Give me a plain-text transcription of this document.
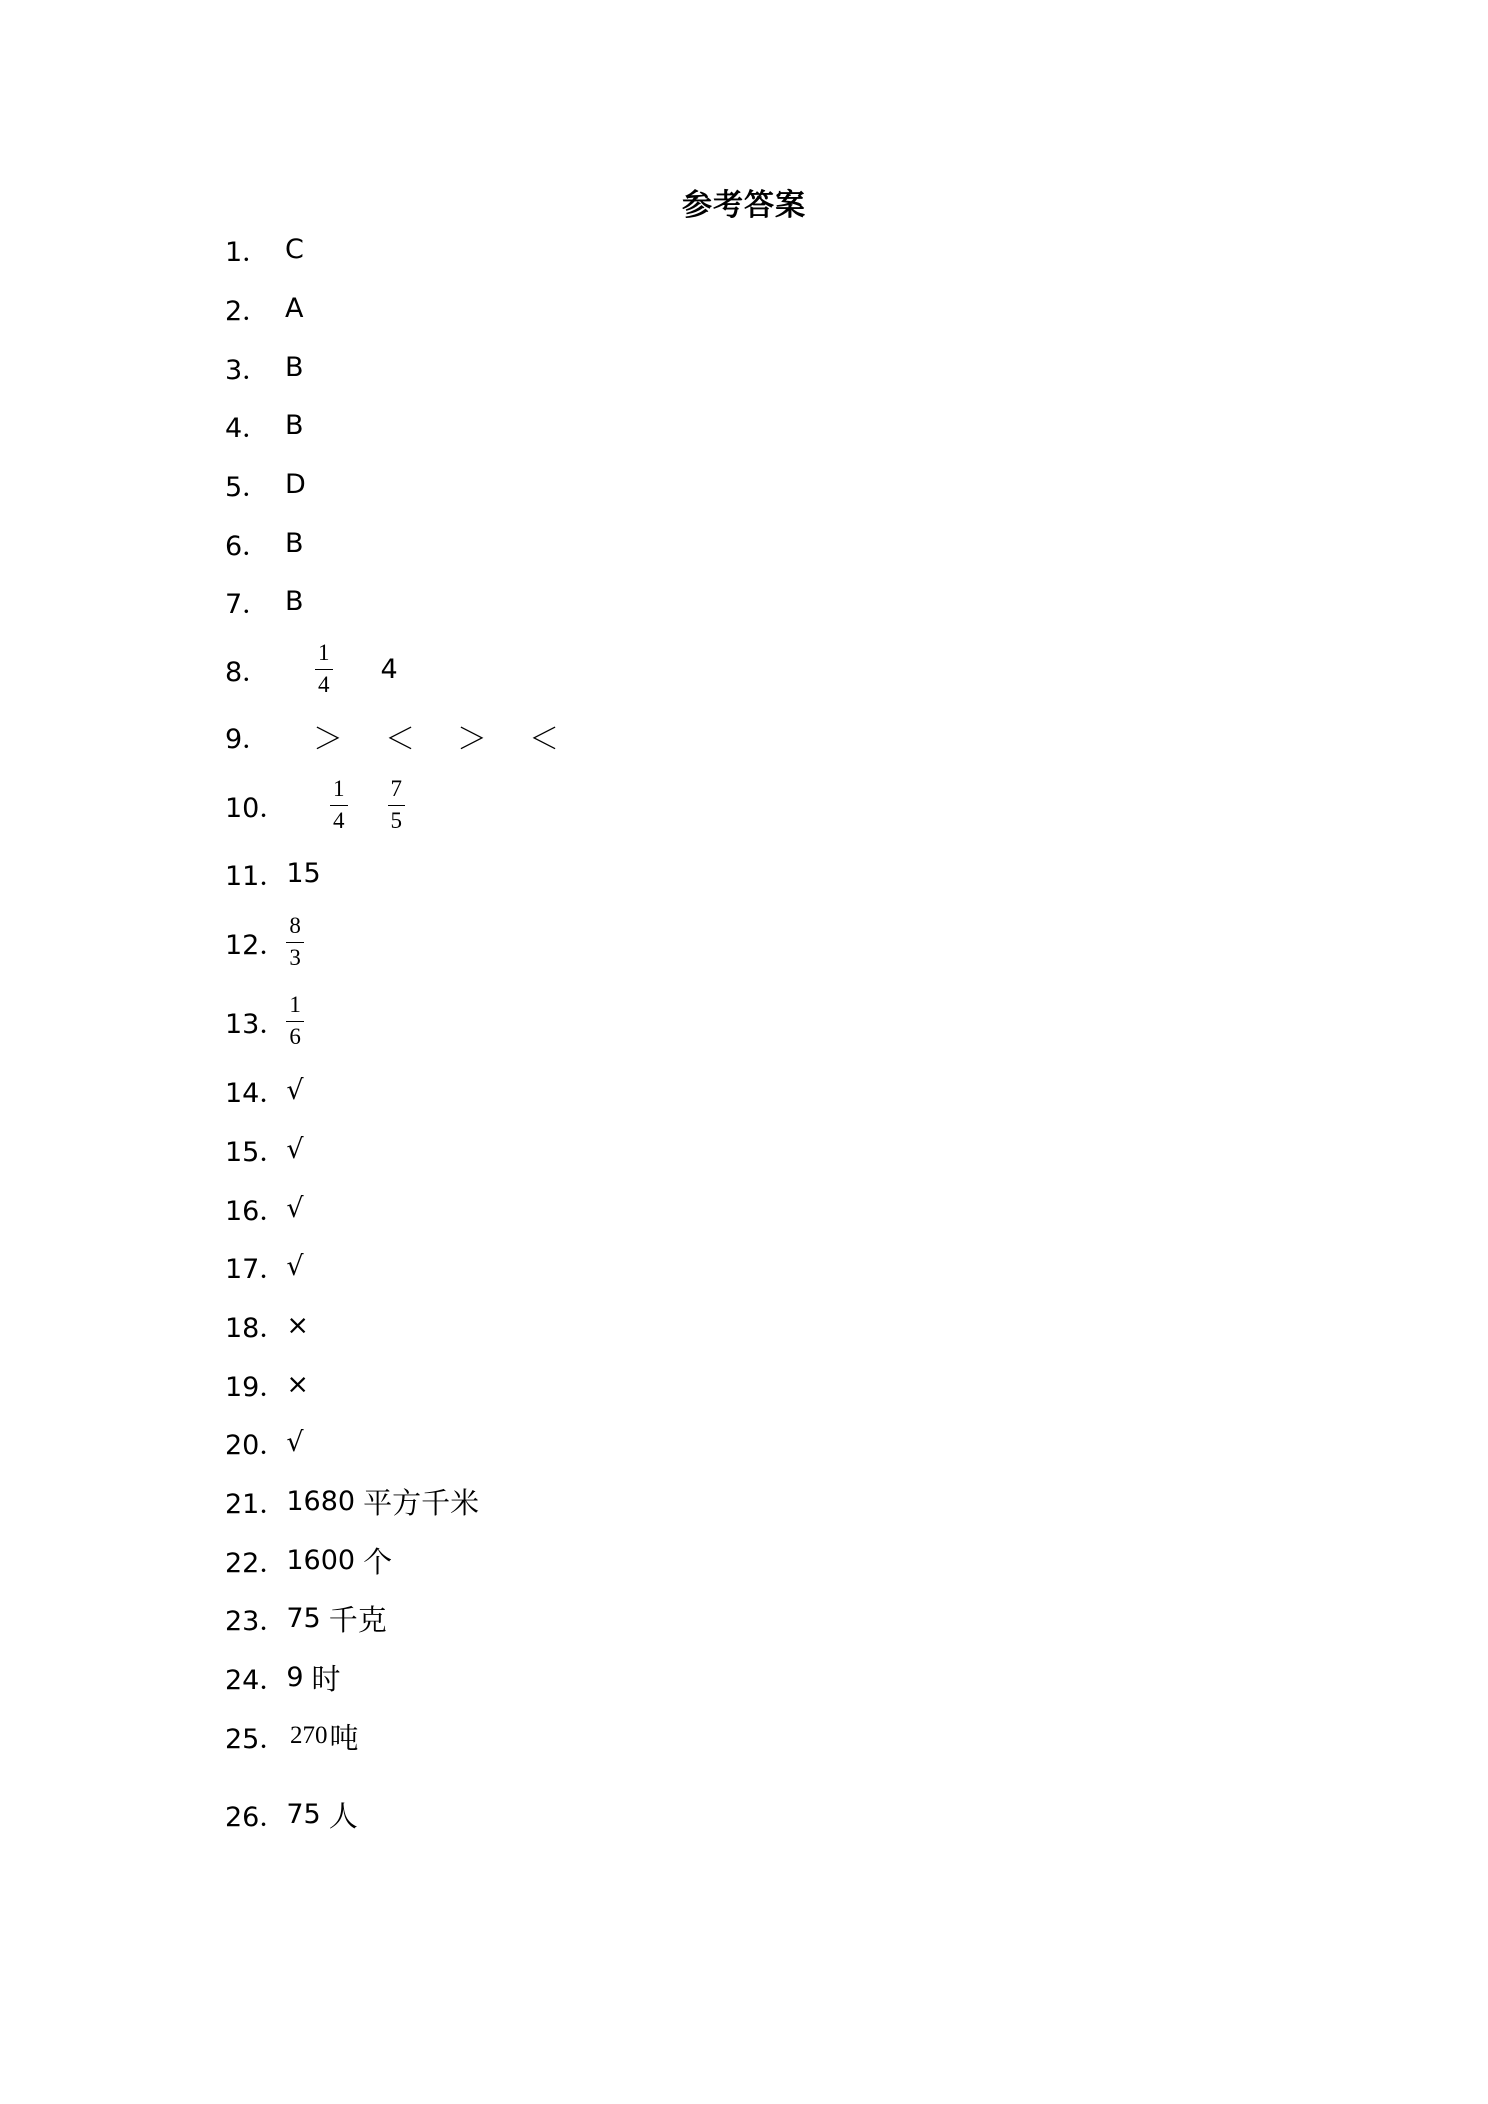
参考答案
1． C
2． A
3． B
4． B
5． D
6． B
7． B
8．	$\frac{1}{4} 4$
9．	＞ ＜ ＞ ＜
10．	$\frac{1}{4} \frac{7}{5}$
11． 15
12． $\frac{8}{3}$
13． $\frac{1}{6}$
14． √
15． √
16． √
17． √
18． ×
19． ×
20． √
21． 1680 平方千米
22． 1600 个
23． 75 千克
24． 9 时
25． 270 吨
26． 75 人
